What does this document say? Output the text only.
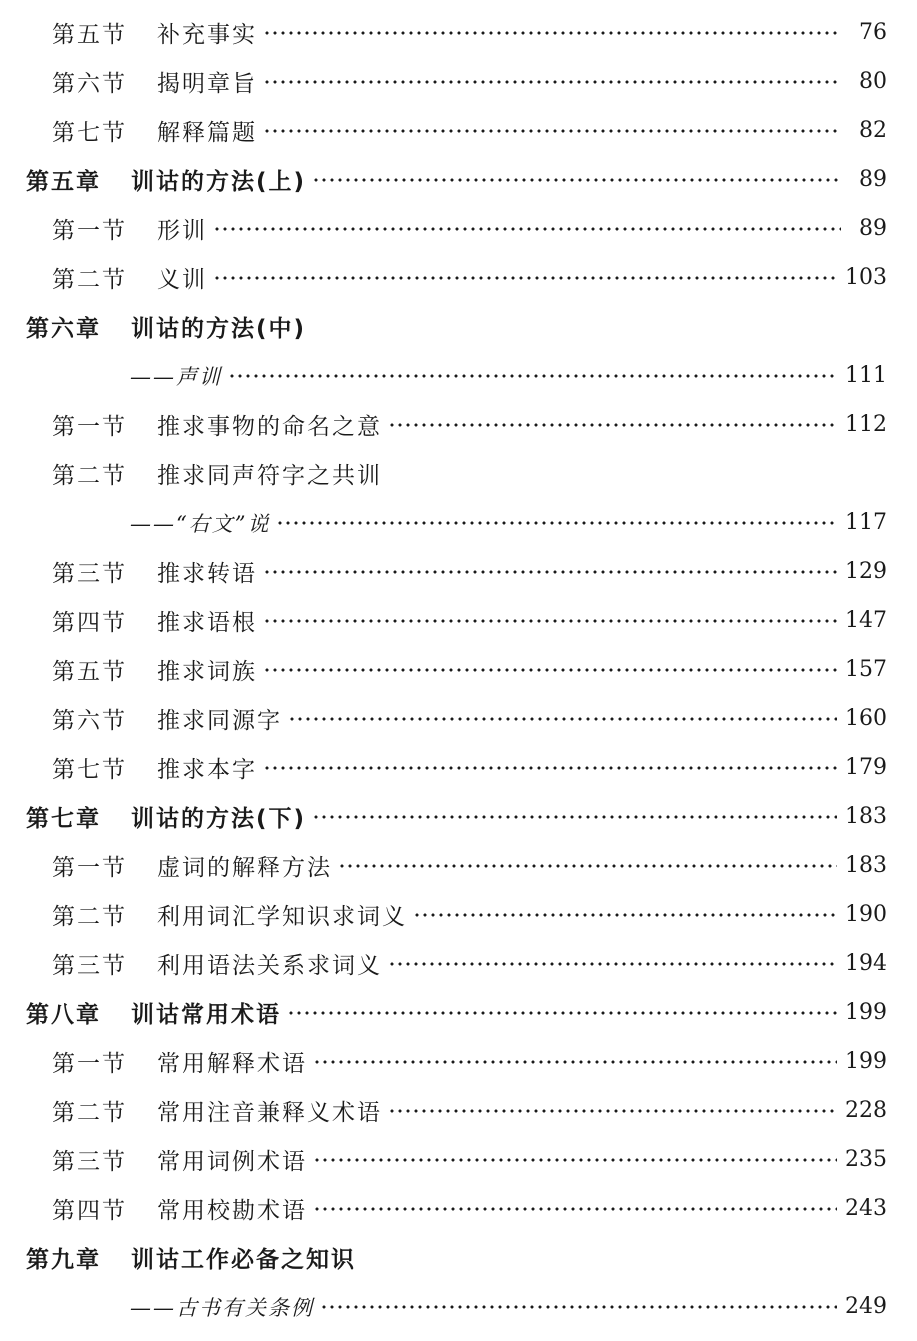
第五节 补充事实	76
第六节 揭明章旨	80
第七节 解释篇题	82
第五章 训诂的方法(上)	89
第一节 形训	89
第二节 义训	103
第六章 训诂的方法(中)
——声训	111
第一节 推求事物的命名之意	112
第二节 推求同声符字之共训
——“右文”说	117
第三节 推求转语	129
第四节 推求语根	147
第五节 推求词族	157
第六节 推求同源字	160
第七节 推求本字	179
第七章 训诂的方法(下)	183
第一节 虚词的解释方法	183
第二节 利用词汇学知识求词义	190
第三节 利用语法关系求词义	194
第八章 训诂常用术语	199
第一节 常用解释术语	199
第二节 常用注音兼释义术语	228
第三节 常用词例术语	235
第四节 常用校勘术语	243
第九章 训诂工作必备之知识
——古书有关条例	249
